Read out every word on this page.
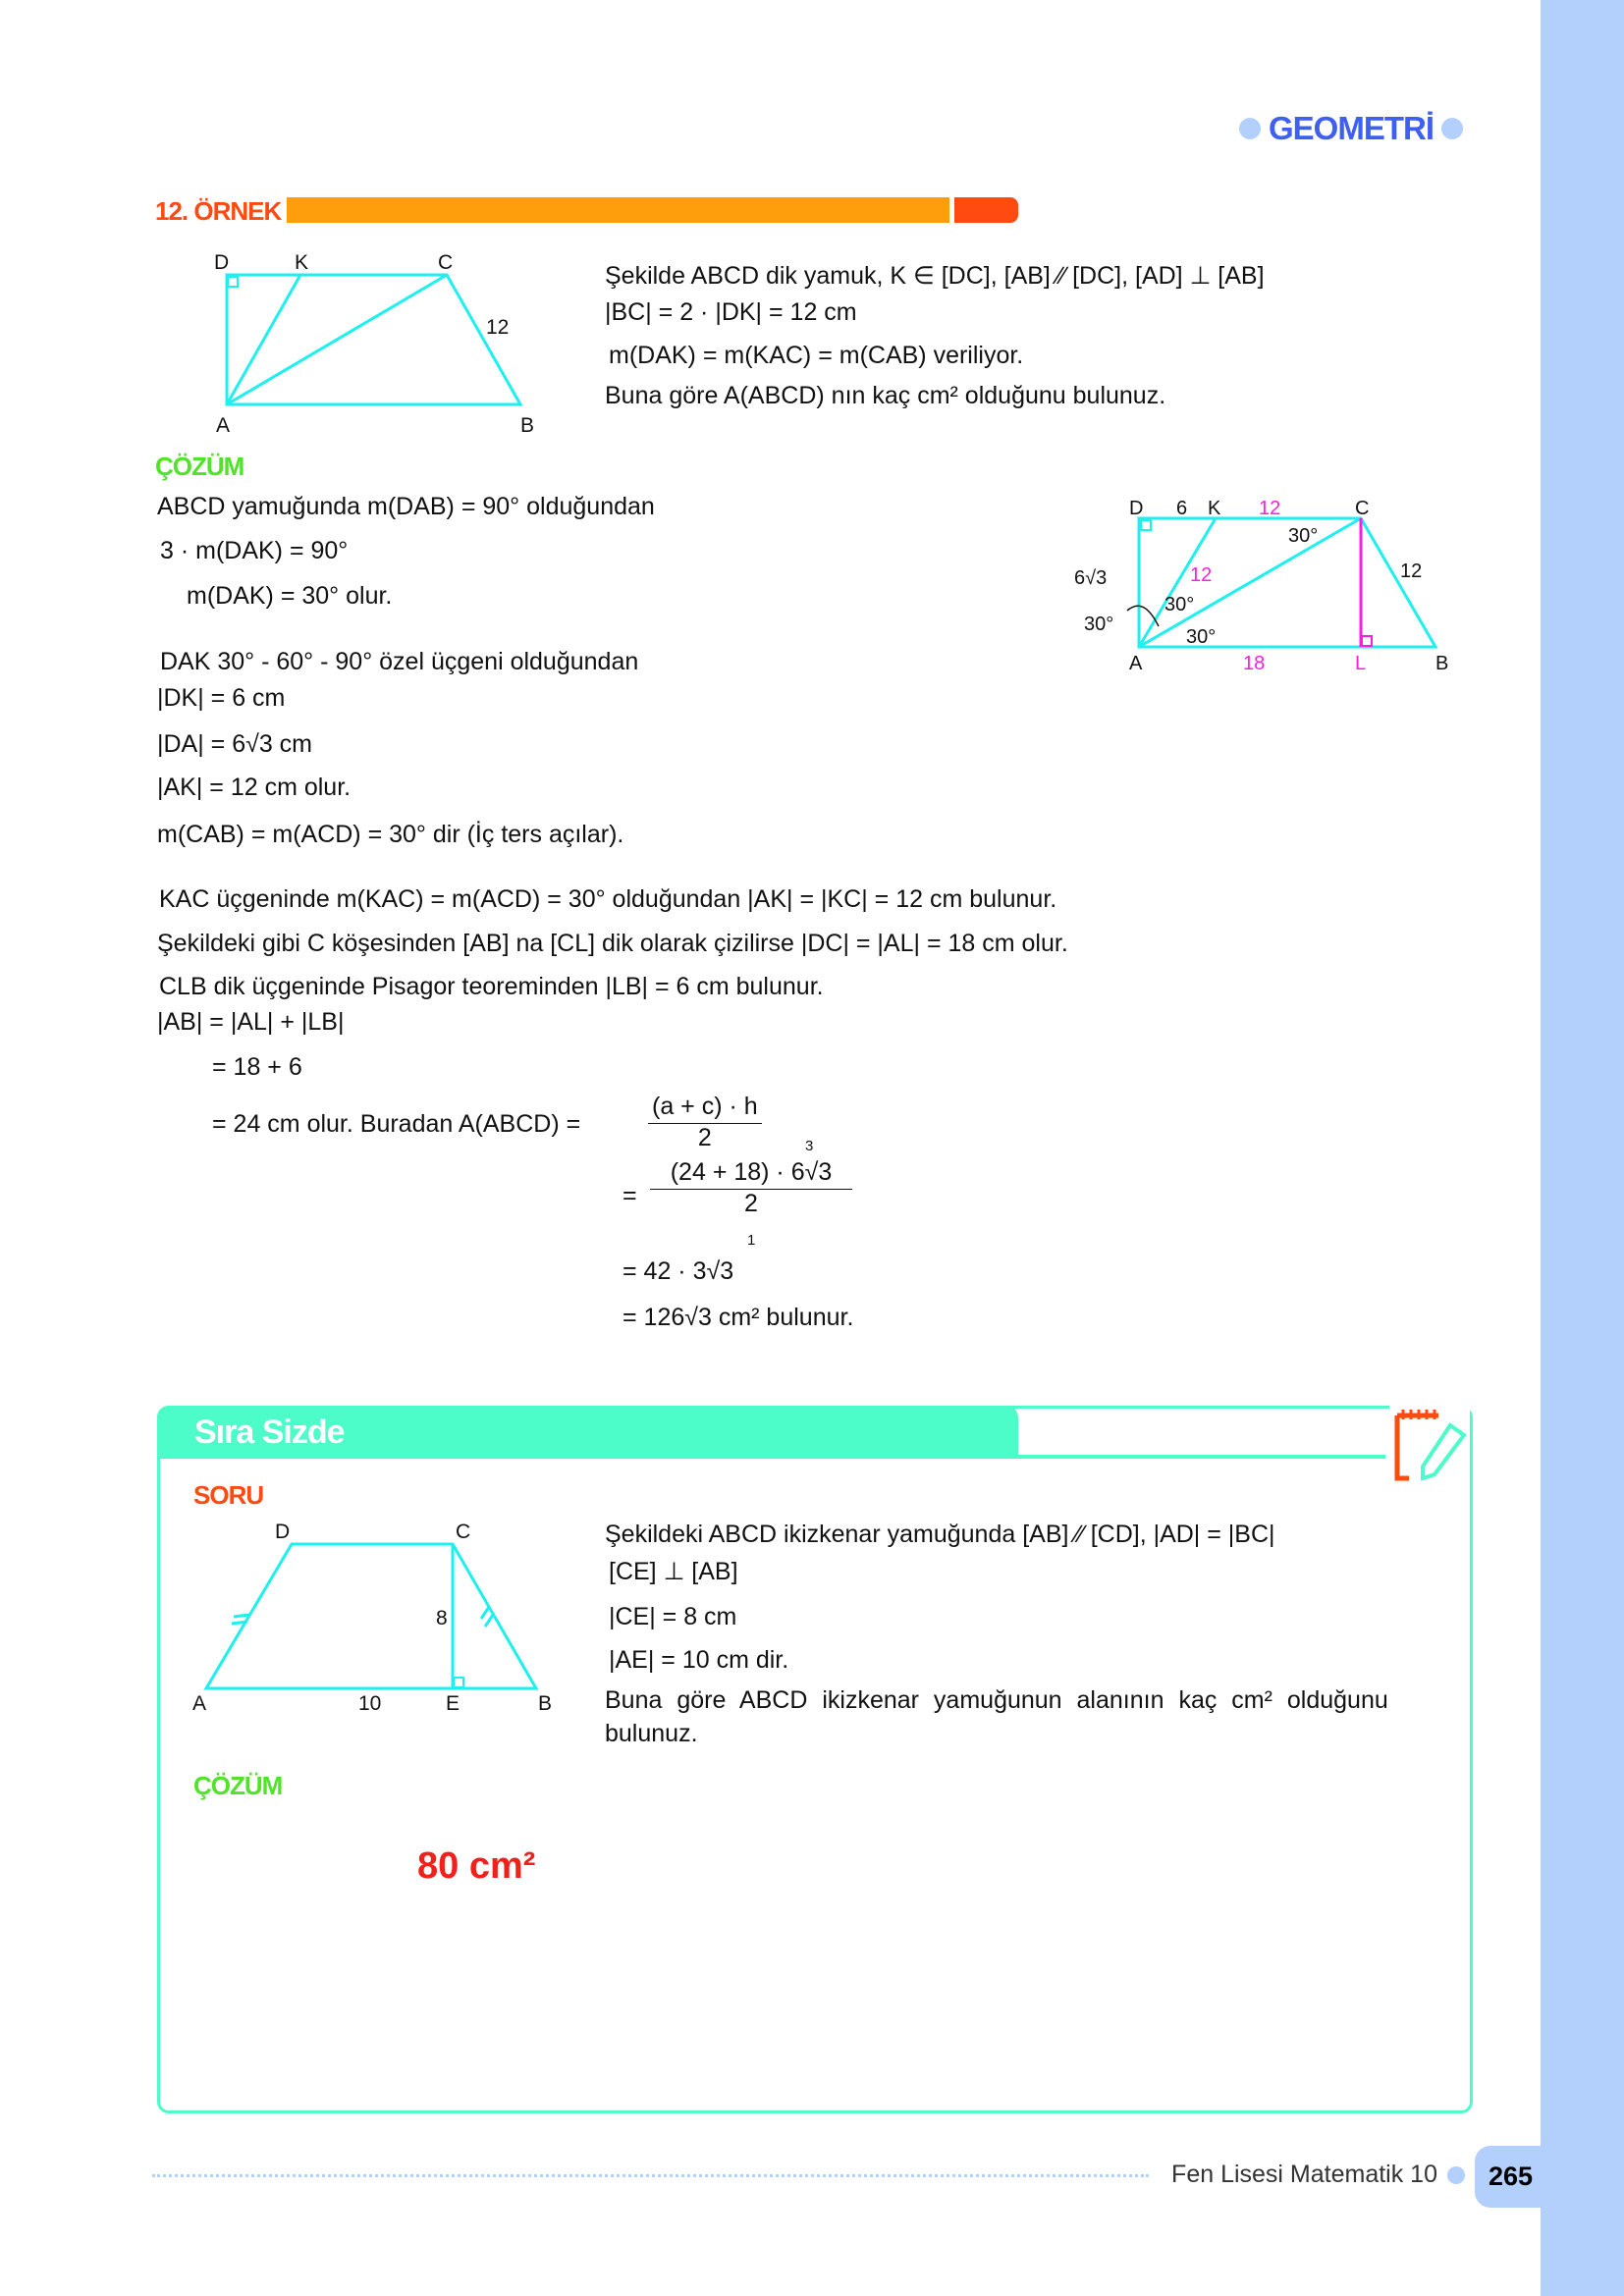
GEOMETRİ
12. ÖRNEK
D	K	C
A	B
12
Şekilde ABCD dik yamuk, K ∈ [DC], [AB] ∕∕ [DC], [AD] ⊥ [AB]
|BC| = 2 · |DK| = 12 cm
m(DAK) = m(KAC) = m(CAB) veriliyor.
Buna göre A(ABCD) nın kaç cm² olduğunu bulunuz.
ÇÖZÜM
ABCD yamuğunda m(DAB) = 90° olduğundan
3 · m(DAK) = 90°
m(DAK) = 30° olur.
DAK 30° - 60° - 90° özel üçgeni olduğundan
|DK| = 6 cm
|DA| = 6√3 cm
|AK| = 12 cm olur.
m(CAB) = m(ACD) = 30° dir (İç ters açılar).
D 6 K	C
30°
6√3
30°
30°
30°
12
A	B
12
12
18	L
KAC üçgeninde m(KAC) = m(ACD) = 30° olduğundan |AK| = |KC| = 12 cm bulunur.
Şekildeki gibi C köşesinden [AB] na [CL] dik olarak çizilirse |DC| = |AL| = 18 cm olur.
CLB dik üçgeninde Pisagor teoreminden |LB| = 6 cm bulunur.
|AB| = |AL| + |LB|
= 18 + 6
= 24 cm olur. Buradan A(ABCD) =	$\frac{(a + c) \cdot h}{2}$
=
3
1
$\frac{(24 + 18) \cdot 6√3}{2}$
= 42 · 3√3
= 126√3 cm² bulunur.
Sıra Sizde
SORU
D	C
8
A	10	E	B
Şekildeki ABCD ikizkenar yamuğunda [AB] ∕∕ [CD], |AD| = |BC|
[CE] ⊥ [AB]
|CE| = 8 cm
|AE| = 10 cm dir.
Buna göre ABCD ikizkenar yamuğunun alanının kaç cm² olduğunu
bulunuz.
ÇÖZÜM
80 cm²
Fen Lisesi Matematik 10 265
